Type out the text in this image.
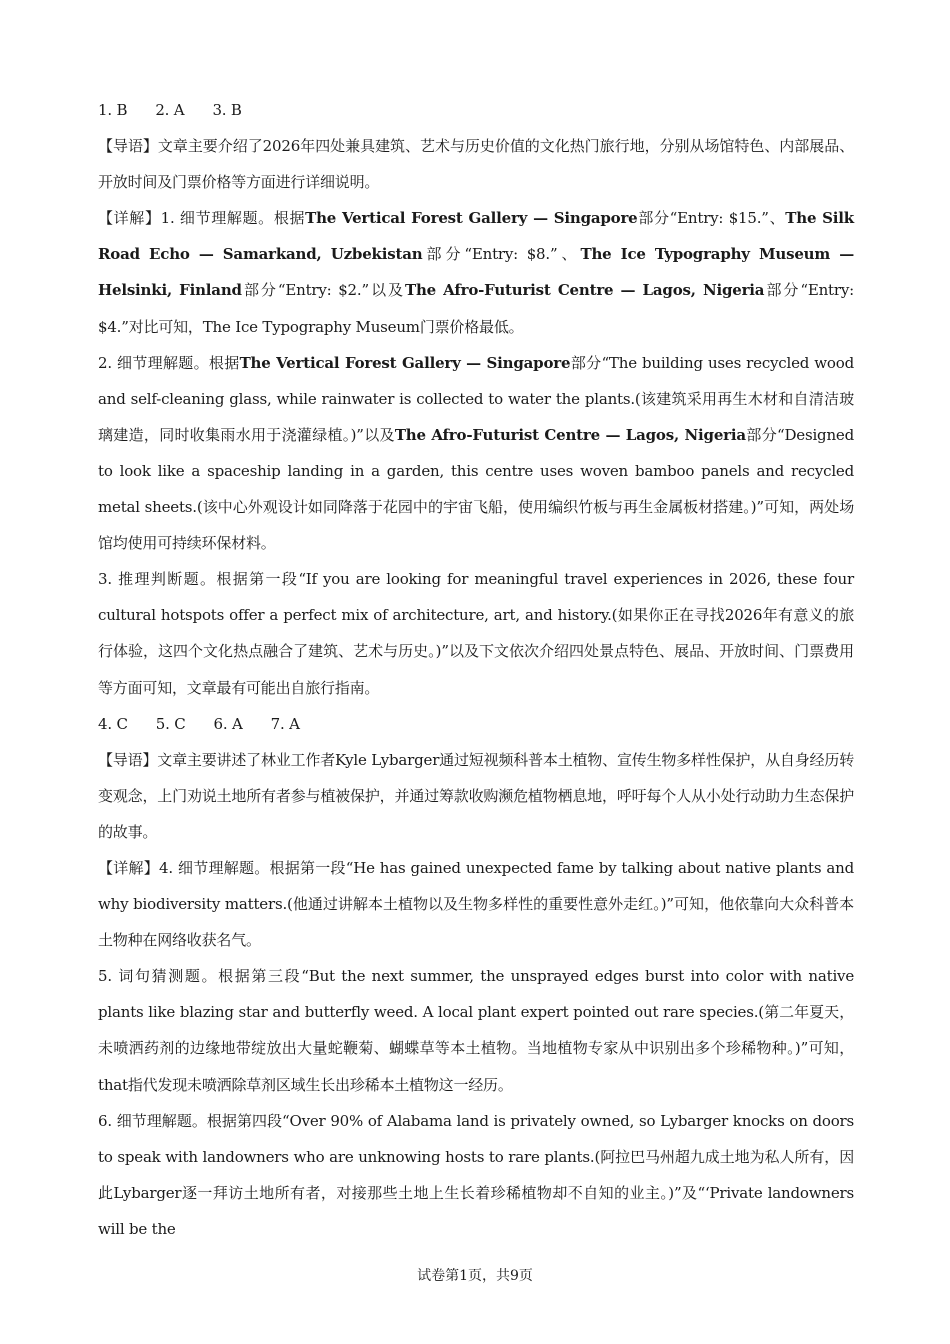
1. B 2. A 3. B

【导语】文章主要介绍了2026年四处兼具建筑、艺术与历史价值的文化热门旅行地，分别从场馆特色、内部展品、开放时间及门票价格等方面进行详细说明。

【详解】1. 细节理解题。根据The Vertical Forest Gallery — Singapore部分“Entry: $15.”、The Silk Road Echo — Samarkand, Uzbekistan部分“Entry: $8.”、The Ice Typography Museum — Helsinki, Finland部分“Entry: $2.”以及The Afro-Futurist Centre — Lagos, Nigeria部分“Entry: $4.”对比可知，The Ice Typography Museum门票价格最低。

2. 细节理解题。根据The Vertical Forest Gallery — Singapore部分“The building uses recycled wood and self-cleaning glass, while rainwater is collected to water the plants.(该建筑采用再生木材和自清洁玻璃建造，同时收集雨水用于浇灌绿植。)”以及The Afro-Futurist Centre — Lagos, Nigeria部分“Designed to look like a spaceship landing in a garden, this centre uses woven bamboo panels and recycled metal sheets.(该中心外观设计如同降落于花园中的宇宙飞船，使用编织竹板与再生金属板材搭建。)”可知，两处场馆均使用可持续环保材料。

3. 推理判断题。根据第一段“If you are looking for meaningful travel experiences in 2026, these four cultural hotspots offer a perfect mix of architecture, art, and history.(如果你正在寻找2026年有意义的旅行体验，这四个文化热点融合了建筑、艺术与历史。)”以及下文依次介绍四处景点特色、展品、开放时间、门票费用等方面可知，文章最有可能出自旅行指南。

4. C 5. C 6. A 7. A

【导语】文章主要讲述了林业工作者Kyle Lybarger通过短视频科普本土植物、宣传生物多样性保护，从自身经历转变观念，上门劝说土地所有者参与植被保护，并通过筹款收购濒危植物栖息地，呼吁每个人从小处行动助力生态保护的故事。

【详解】4. 细节理解题。根据第一段“He has gained unexpected fame by talking about native plants and why biodiversity matters.(他通过讲解本土植物以及生物多样性的重要性意外走红。)”可知，他依靠向大众科普本土物种在网络收获名气。

5. 词句猜测题。根据第三段“But the next summer, the unsprayed edges burst into color with native plants like blazing star and butterfly weed. A local plant expert pointed out rare species.(第二年夏天，未喷洒药剂的边缘地带绽放出大量蛇鞭菊、蝴蝶草等本土植物。当地植物专家从中识别出多个珍稀物种。)”可知，that指代发现未喷洒除草剂区域生长出珍稀本土植物这一经历。

6. 细节理解题。根据第四段“Over 90% of Alabama land is privately owned, so Lybarger knocks on doors to speak with landowners who are unknowing hosts to rare plants.(阿拉巴马州超九成土地为私人所有，因此Lybarger逐一拜访土地所有者，对接那些土地上生长着珍稀植物却不自知的业主。)”及“‘Private landowners will be the

试卷第1页，共9页
